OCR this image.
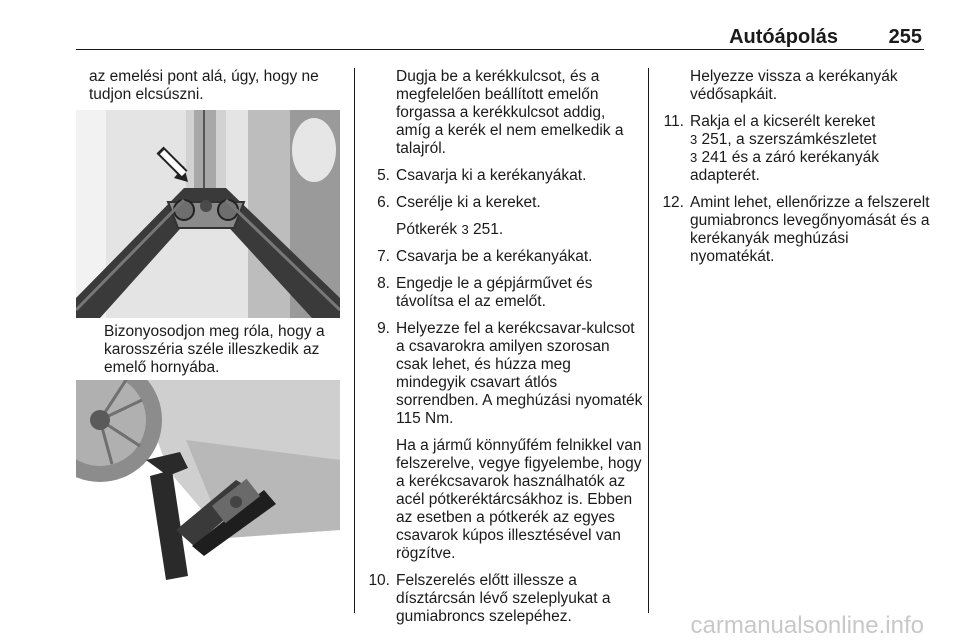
Autóápolás	255

az emelési pont alá, úgy, hogy ne tudjon elcsúszni.

Bizonyosodjon meg róla, hogy a karosszéria széle illeszkedik az emelő hornyába.

Dugja be a kerékkulcsot, és a megfelelően beállított emelőn forgassa a kerékkulcsot addig, amíg a kerék el nem emelkedik a talajról.

5. Csavarja ki a kerékanyákat.
6. Cserélje ki a kereket.
Pótkerék 3 251.
7. Csavarja be a kerékanyákat.
8. Engedje le a gépjárművet és távolítsa el az emelőt.
9. Helyezze fel a kerékcsavar-kulcsot a csavarokra amilyen szorosan csak lehet, és húzza meg mindegyik csavart átlós sorrendben. A meghúzási nyomaték 115 Nm.
Ha a jármű könnyűfém felnikkel van felszerelve, vegye figyelembe, hogy a kerékcsavarok használhatók az acél pótkeréktárcsákhoz is. Ebben az esetben a pótkerék az egyes csavarok kúpos illesztésével van rögzítve.
10. Felszerelés előtt illessze a dísztárcsán lévő szeleplyukat a gumiabroncs szelepéhez.

Helyezze vissza a kerékanyák védősapkáit.

11. Rakja el a kicserélt kereket
3 251, a szerszámkészletet
3 241 és a záró kerékanyák adapterét.
12. Amint lehet, ellenőrizze a felszerelt gumiabroncs levegőnyomását és a kerékanyák meghúzási nyomatékát.
carmanualsonline.info
